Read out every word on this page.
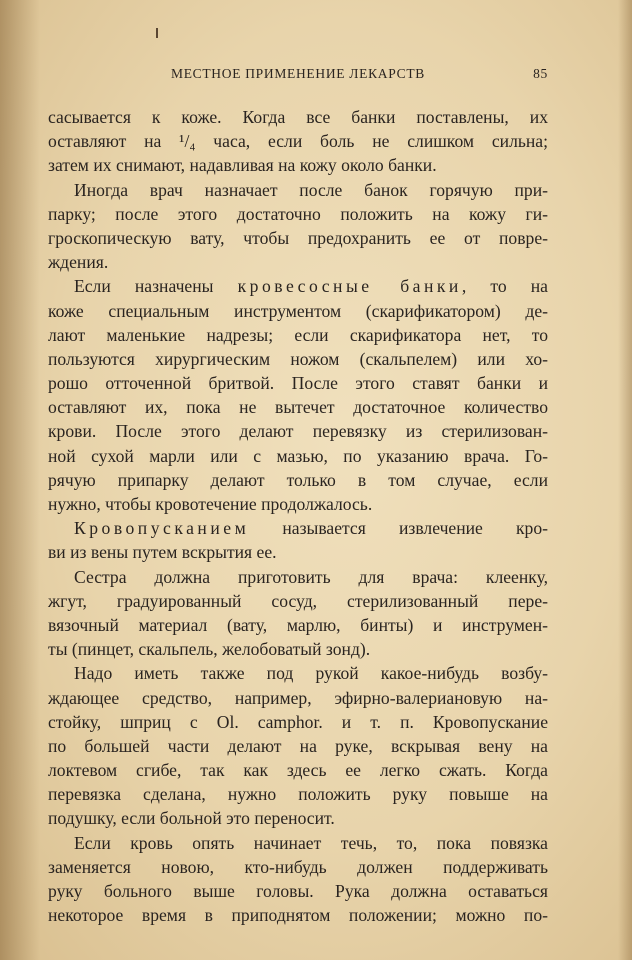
МЕСТНОЕ ПРИМЕНЕНИЕ ЛЕКАРСТВ	85
сасывается к коже. Когда все банки поставлены, их
оставляют на ¹/₄ часа, если боль не слишком сильна;
затем их снимают, надавливая на кожу около банки.
Иногда врач назначает после банок горячую при-
парку; после этого достаточно положить на кожу ги-
гроскопическую вату, чтобы предохранить ее от повре-
ждения.
Если назначены кровесосные банки, то на
коже специальным инструментом (скарификатором) де-
лают маленькие надрезы; если скарификатора нет, то
пользуются хирургическим ножом (скальпелем) или хо-
рошо отточенной бритвой. После этого ставят банки и
оставляют их, пока не вытечет достаточное количество
крови. После этого делают перевязку из стерилизован-
ной сухой марли или с мазью, по указанию врача. Го-
рячую припарку делают только в том случае, если
нужно, чтобы кровотечение продолжалось.
Кровопусканием называется извлечение кро-
ви из вены путем вскрытия ее.
Сестра должна приготовить для врача: клеенку,
жгут, градуированный сосуд, стерилизованный пере-
вязочный материал (вату, марлю, бинты) и инструмен-
ты (пинцет, скальпель, желобоватый зонд).
Надо иметь также под рукой какое-нибудь возбу-
ждающее средство, например, эфирно-валериановую на-
стойку, шприц с Ol. camphor. и т. п. Кровопускание
по большей части делают на руке, вскрывая вену на
локтевом сгибе, так как здесь ее легко сжать. Когда
перевязка сделана, нужно положить руку повыше на
подушку, если больной это переносит.
Если кровь опять начинает течь, то, пока повязка
заменяется новою, кто-нибудь должен поддерживать
руку больного выше головы. Рука должна оставаться
некоторое время в приподнятом положении; можно по-
